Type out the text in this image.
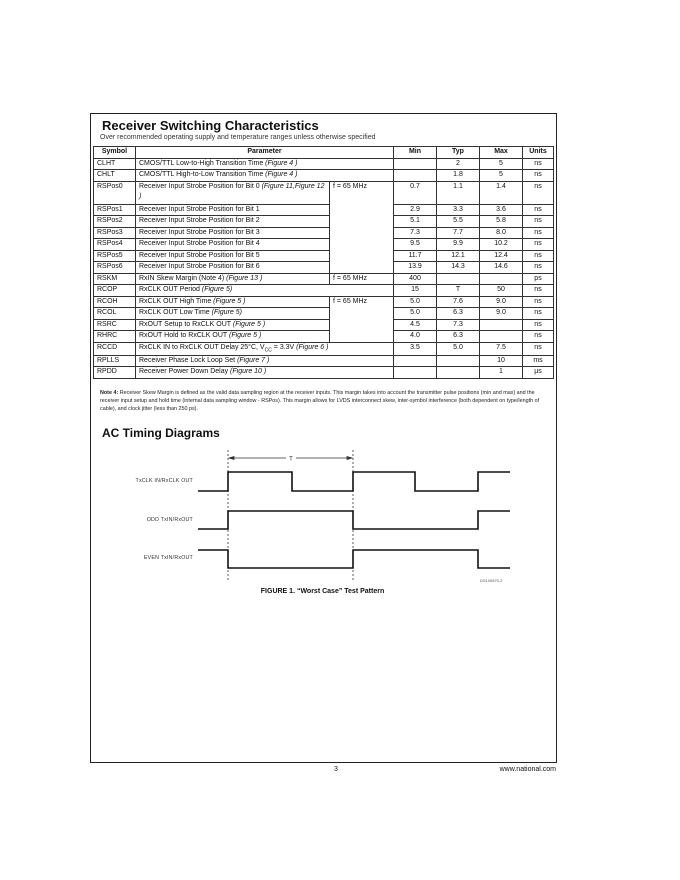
Receiver Switching Characteristics
Over recommended operating supply and temperature ranges unless otherwise specified
Symbol	Parameter		Min	Typ	Max	Units
CLHT	CMOS/TTL Low-to-High Transition Time (Figure 4 )			2	5	ns
CHLT	CMOS/TTL High-to-Low Transition Time (Figure 4 )			1.8	5	ns
RSPos0	Receiver Input Strobe Position for Bit 0 (Figure 11,Figure 12 )	f = 65 MHz	0.7	1.1	1.4	ns
RSPos1	Receiver Input Strobe Position for Bit 1		2.9	3.3	3.6	ns
RSPos2	Receiver Input Strobe Position for Bit 2		5.1	5.5	5.8	ns
RSPos3	Receiver Input Strobe Position for Bit 3		7.3	7.7	8.0	ns
RSPos4	Receiver Input Strobe Position for Bit 4		9.5	9.9	10.2	ns
RSPos5	Receiver Input Strobe Position for Bit 5		11.7	12.1	12.4	ns
RSPos6	Receiver Input Strobe Position for Bit 6		13.9	14.3	14.6	ns
RSKM	RxIN Skew Margin (Note 4) (Figure 13 )	f = 65 MHz	400			ps
RCOP	RxCLK OUT Period (Figure 5)		15	T	50	ns
RCOH	RxCLK OUT High Time (Figure 5 )	f = 65 MHz	5.0	7.6	9.0	ns
RCOL	RxCLK OUT Low Time (Figure 5)		5.0	6.3	9.0	ns
RSRC	RxOUT Setup to RxCLK OUT (Figure 5 )		4.5	7.3		ns
RHRC	RxOUT Hold to RxCLK OUT (Figure 5 )		4.0	6.3		ns
RCCD	RxCLK IN to RxCLK OUT Delay 25°C, $V_{CC} = 3.3V$ (Figure 6 )		3.5	5.0	7.5	ns
RPLLS	Receiver Phase Lock Loop Set (Figure 7 )				10	ms
RPDD	Receiver Power Down Delay (Figure 10 )				1	µs
Note 4: Receiver Skew Margin is defined as the valid data sampling region at the receiver inputs. This margin takes into account the transmitter pulse positions (min and max) and the receiver input setup and hold time (internal data sampling window - RSPos). This margin allows for LVDS interconnect skew, inter-symbol interference (both dependent on type/length of cable), and clock jitter (less than 250 ps).
AC Timing Diagrams
T
TxCLK IN/RxCLK OUT
ODD TxIN/RxOUT
EVEN TxIN/RxOUT
DS100870-2
FIGURE 1. “Worst Case” Test Pattern
3	www.national.com
